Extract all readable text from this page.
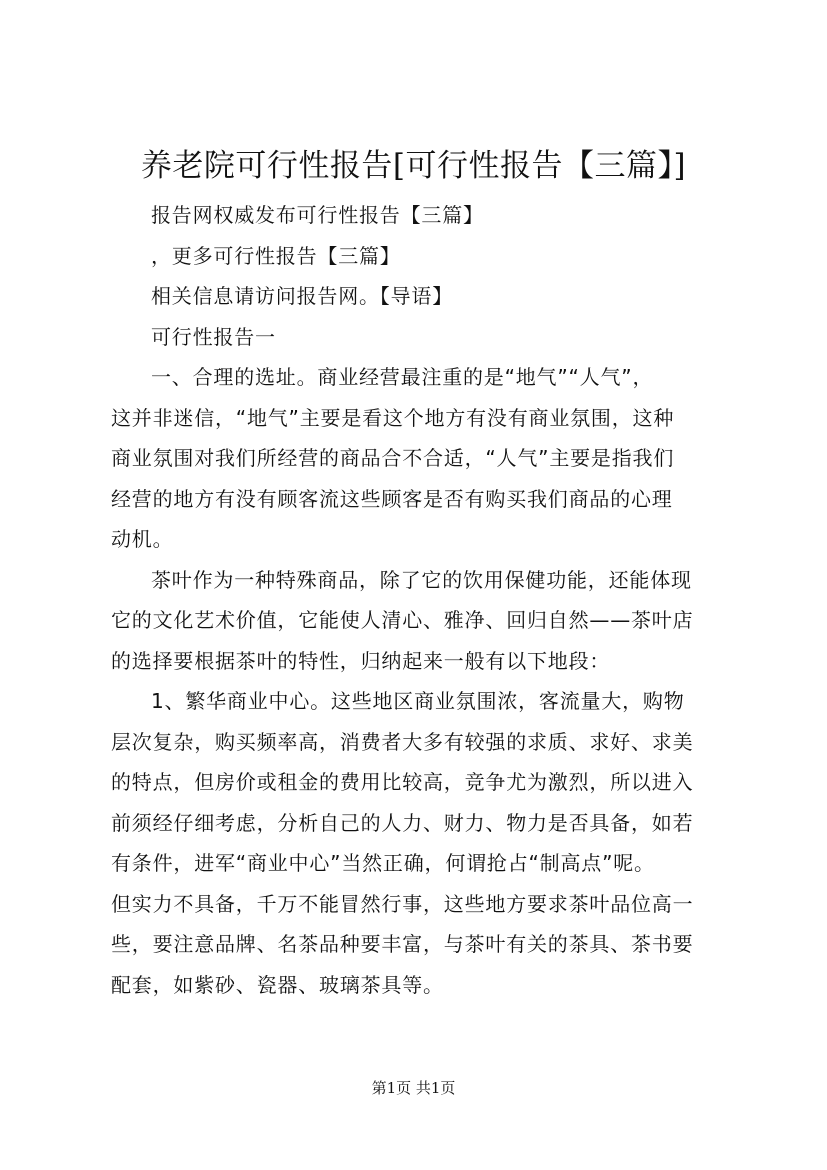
养老院可行性报告[可行性报告【三篇】]
报告网权威发布可行性报告【三篇】
，更多可行性报告【三篇】
相关信息请访问报告网。【导语】
可行性报告一
一、合理的选址。商业经营最注重的是“地气”“人气”，
这并非迷信，“地气”主要是看这个地方有没有商业氛围，这种
商业氛围对我们所经营的商品合不合适，“人气”主要是指我们
经营的地方有没有顾客流这些顾客是否有购买我们商品的心理
动机。
茶叶作为一种特殊商品，除了它的饮用保健功能，还能体现
它的文化艺术价值，它能使人清心、雅净、回归自然——茶叶店
的选择要根据茶叶的特性，归纳起来一般有以下地段：
1、繁华商业中心。这些地区商业氛围浓，客流量大，购物
层次复杂，购买频率高，消费者大多有较强的求质、求好、求美
的特点，但房价或租金的费用比较高，竞争尤为激烈，所以进入
前须经仔细考虑，分析自己的人力、财力、物力是否具备，如若
有条件，进军“商业中心”当然正确，何谓抢占“制高点”呢。
但实力不具备，千万不能冒然行事，这些地方要求茶叶品位高一
些，要注意品牌、名茶品种要丰富，与茶叶有关的茶具、茶书要
配套，如紫砂、瓷器、玻璃茶具等。
第1页 共1页
